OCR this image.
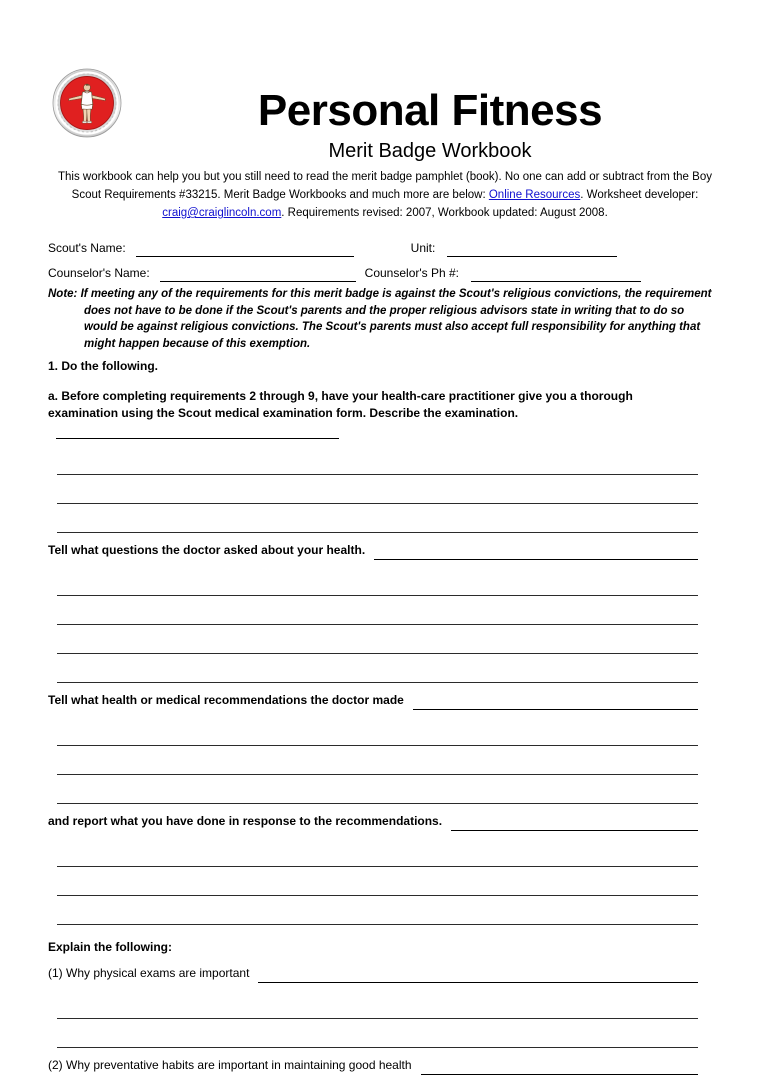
Personal Fitness
Merit Badge Workbook
This workbook can help you but you still need to read the merit badge pamphlet (book). No one can add or subtract from the Boy Scout Requirements #33215. Merit Badge Workbooks and much more are below: Online Resources. Worksheet developer: craig@craiglincoln.com. Requirements revised: 2007, Workbook updated: August 2008.
Scout's Name:	Unit:
Counselor's Name:	Counselor's Ph #:
Note: If meeting any of the requirements for this merit badge is against the Scout's religious convictions, the requirement does not have to be done if the Scout's parents and the proper religious advisors state in writing that to do so would be against religious convictions. The Scout's parents must also accept full responsibility for anything that might happen because of this exemption.
1. Do the following.
a. Before completing requirements 2 through 9, have your health-care practitioner give you a thorough examination using the Scout medical examination form. Describe the examination.
Tell what questions the doctor asked about your health.
Tell what health or medical recommendations the doctor made
and report what you have done in response to the recommendations.
Explain the following:
(1) Why physical exams are important
(2) Why preventative habits are important in maintaining good health
